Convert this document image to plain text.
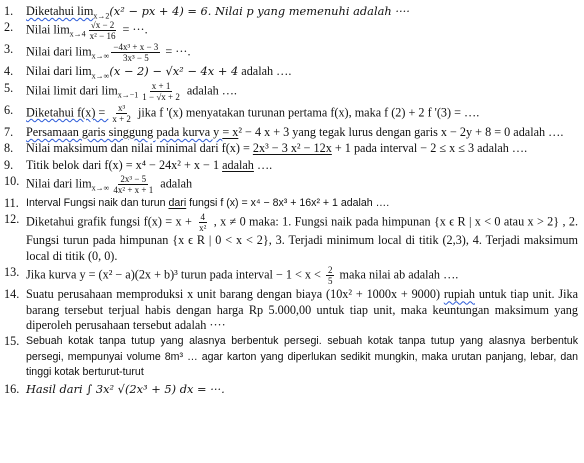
1.	Diketahui $\lim_{x\to 2}(x^2$ − px + 4) = 6. Nilai p yang memenuhi adalah ····
2.	Nilai $\lim_{x\to 4} \frac{√x - 2}{\text{x² − 16}}$ = ···.
3.	Nilai dari $\lim_{x\to\infty} \frac{\text{−4x³ + x − 3}}{\text{3x³ − 5}}$ = ···.
4.	Nilai dari $\lim_{x\to\infty}(x - 2) - √x^2 - 4x + 4$ adalah ….
5.	Nilai limit dari $\lim_{x\to-1} \frac{x + 1}{1 - √x + 2}$ adalah ….
6.	Diketahui $f(x) = \frac{\text{x³}}{x + 2}$ jika f '(x) menyatakan turunan pertama f(x), maka f (2) + 2 f '(3) = ….
7.	Persamaan garis singgung pada kurva y = x² − 4 x + 3 yang tegak lurus dengan garis x − 2y + 8 = 0 adalah ….
8.	Nilai maksimum dan nilai minimal dari f(x) = 2x³ − 3 x² − 12x + 1 pada interval − 2 ≤ x ≤ 3 adalah ….
9.	Titik belok dari f(x) = x⁴ − 24x² + x − 1 adalah ….
10. Nilai dari $\lim_{x\to\infty} \frac{\text{2x³ − 5}}{\text{4x² + x + 1}}$ adalah
11. Interval Fungsi naik dan turun dari fungsi f (x) = x⁴ − 8x³ + 16x² + 1 adalah ….
12. Diketahui grafik fungsi $f(x) = x + \frac{4}{\text{x²}}$ , x ≠ 0 maka: 1. Fungsi naik pada himpunan {x ϵ R | x < 0 atau x > 2} , 2. Fungsi turun pada himpunan {x ϵ R | 0 < x < 2}, 3. Terjadi minimum local di titik (2,3), 4. Terjadi maksimum local di titik (0, 0).
13. Jika kurva y = (x² − a)(2x + b)³ turun pada interval − $1 < x < \frac{2}{5}$ maka nilai ab adalah ….
14. Suatu perusahaan memproduksi x unit barang dengan biaya (10x² + 1000x + 9000) rupiah untuk tiap unit. Jika barang tersebut terjual habis dengan harga Rp 5.000,00 untuk tiap unit, maka keuntungan maksimum yang diperoleh perusahaan tersebut adalah ····
15. Sebuah kotak tanpa tutup yang alasnya berbentuk persegi. sebuah kotak tanpa tutup yang alasnya berbentuk persegi, mempunyai volume 8m³ … agar karton yang diperlukan sedikit mungkin, maka urutan panjang, lebar, dan tinggi kotak berturut-turut
16. Hasil dari ∫ 3x² √(2x³ + 5) dx = ···.
